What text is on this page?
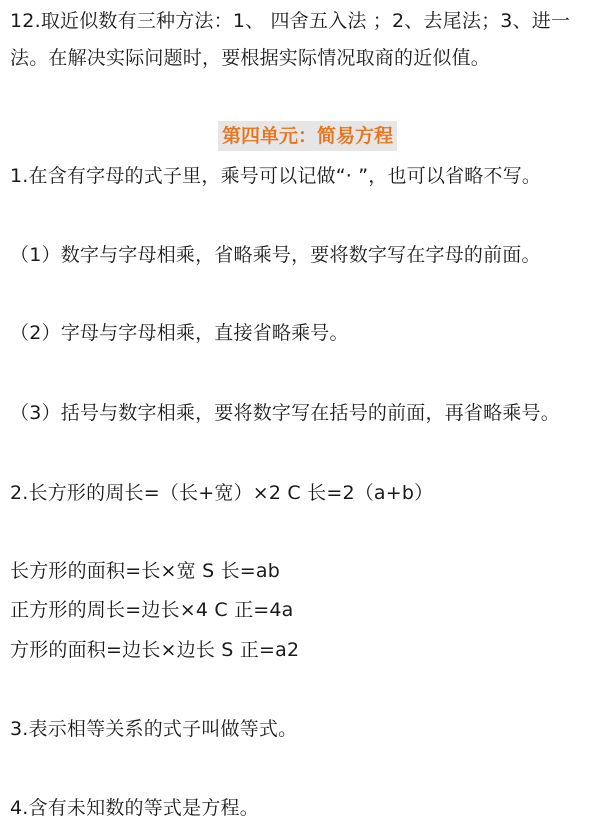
12.取近似数有三种方法：1、 四舍五入法 ；2、去尾法；3、进一
法。在解决实际问题时，要根据实际情况取商的近似值。
第四单元：简易方程
1.在含有字母的式子里，乘号可以记做“· ”，也可以省略不写。
（1）数字与字母相乘，省略乘号，要将数字写在字母的前面。
（2）字母与字母相乘，直接省略乘号。
（3）括号与数字相乘，要将数字写在括号的前面，再省略乘号。
2.长方形的周长=（长+宽）×2 C 长=2（a+b）
长方形的面积=长×宽 S 长=ab
正方形的周长=边长×4 C 正=4a
方形的面积=边长×边长 S 正=a2
3.表示相等关系的式子叫做等式。
4.含有未知数的等式是方程。
